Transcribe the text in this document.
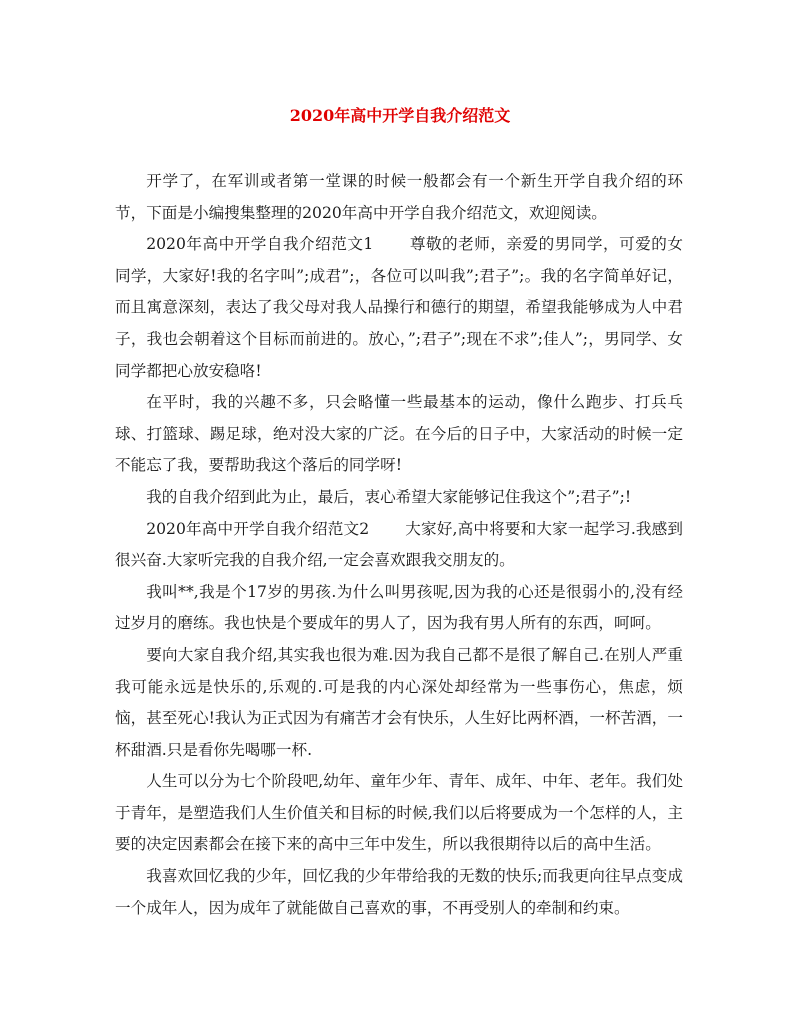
2020年高中开学自我介绍范文

开学了，在军训或者第一堂课的时候一般都会有一个新生开学自我介绍的环节，下面是小编搜集整理的2020年高中开学自我介绍范文，欢迎阅读。

2020年高中开学自我介绍范文1 尊敬的老师，亲爱的男同学，可爱的女同学，大家好!我的名字叫”;成君”;，各位可以叫我”;君子”;。我的名字简单好记，而且寓意深刻，表达了我父母对我人品操行和德行的期望，希望我能够成为人中君子，我也会朝着这个目标而前进的。放心，”;君子”;现在不求”;佳人”;，男同学、女同学都把心放安稳咯!

在平时，我的兴趣不多，只会略懂一些最基本的运动，像什么跑步、打兵乓球、打篮球、踢足球，绝对没大家的广泛。在今后的日子中，大家活动的时候一定不能忘了我，要帮助我这个落后的同学呀!

我的自我介绍到此为止，最后，衷心希望大家能够记住我这个”;君子”;!

2020年高中开学自我介绍范文2 大家好,高中将要和大家一起学习.我感到很兴奋.大家听完我的自我介绍,一定会喜欢跟我交朋友的。

我叫**,我是个17岁的男孩.为什么叫男孩呢,因为我的心还是很弱小的,没有经过岁月的磨练。我也快是个要成年的男人了，因为我有男人所有的东西，呵呵。

要向大家自我介绍,其实我也很为难.因为我自己都不是很了解自己.在别人严重我可能永远是快乐的,乐观的.可是我的内心深处却经常为一些事伤心，焦虑，烦恼，甚至死心!我认为正式因为有痛苦才会有快乐，人生好比两杯酒，一杯苦酒，一杯甜酒.只是看你先喝哪一杯.

人生可以分为七个阶段吧,幼年、童年少年、青年、成年、中年、老年。我们处于青年，是塑造我们人生价值关和目标的时候,我们以后将要成为一个怎样的人，主要的决定因素都会在接下来的高中三年中发生，所以我很期待以后的高中生活。

我喜欢回忆我的少年，回忆我的少年带给我的无数的快乐;而我更向往早点变成一个成年人，因为成年了就能做自己喜欢的事，不再受别人的牵制和约束。
